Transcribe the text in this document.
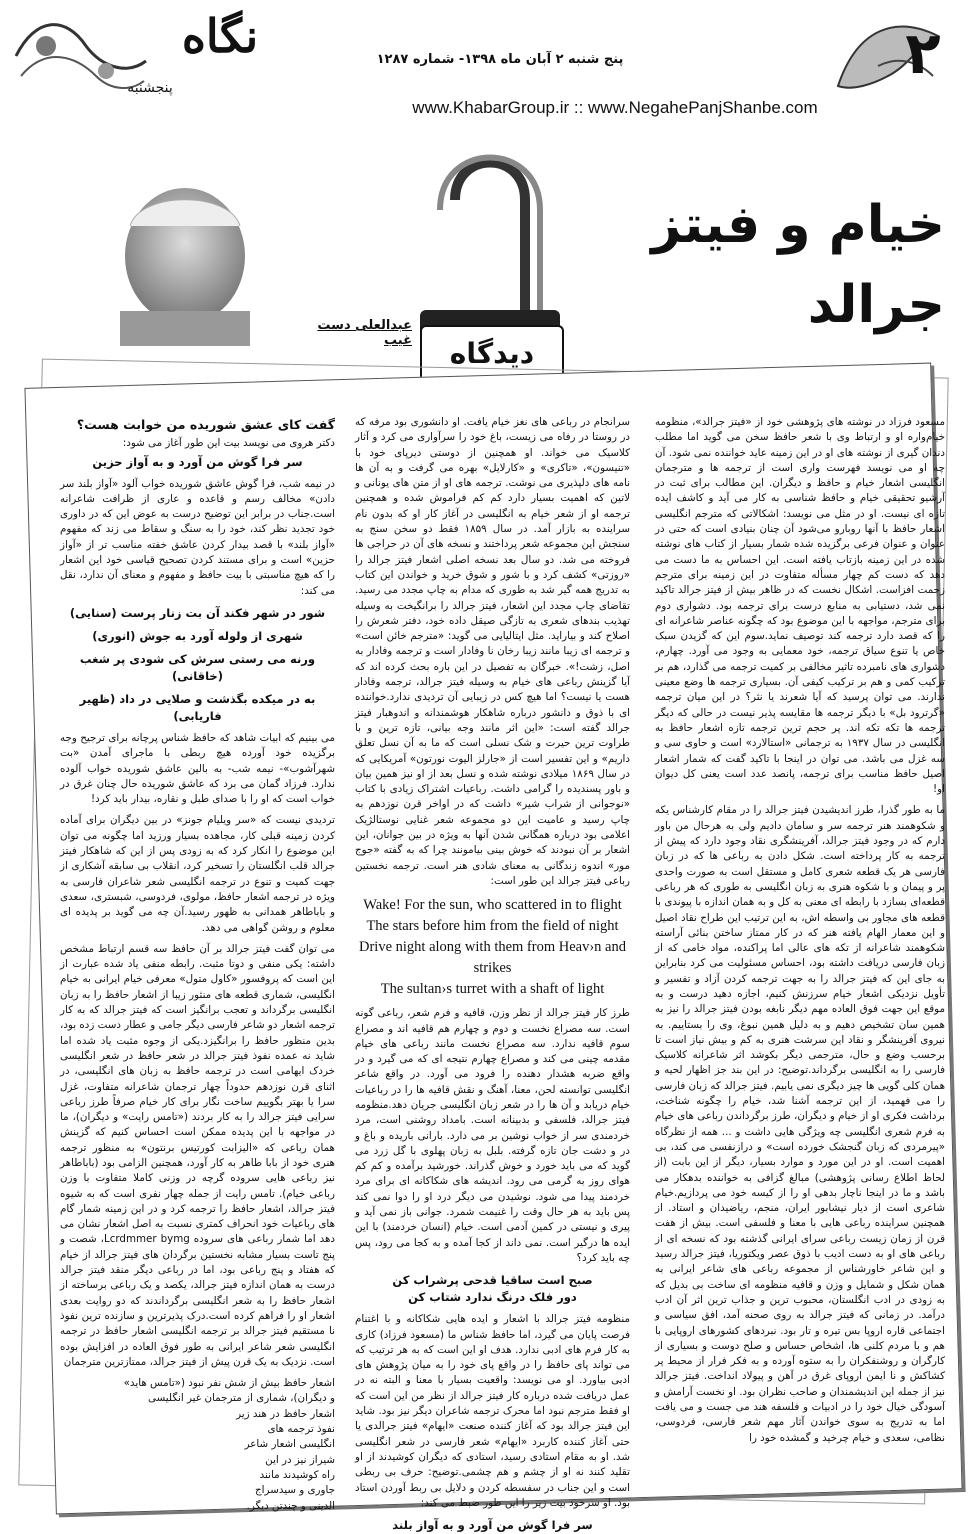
نگاه
پنجشنبه
پنج شنبه ۲ آبان ماه ۱۳۹۸- شماره ۱۲۸۷
www.KhabarGroup.ir :: www.NegahePanjShanbe.com
۲
خیام و فیتز جرالد
دیدگاه
عبدالعلی دست غیب

مسعود فرزاد در نوشته های پژوهشی خود از «فیتز جرالد»، منظومه خیام‌واره او و ارتباط وی با شعر حافظ سخن می گوید اما مطلب دندان گیری از نوشته های او در این زمینه عاید خواننده نمی شود. آن چه او می نویسد فهرست واری است از ترجمه ها و مترجمان انگلیسی اشعار خیام و حافظ و دیگران. این مطالب برای ثبت در آرشیو تحقیقی خیام و حافظ شناسی به کار می آید و کاشف ایده تازه ای نیست. او در مثل می نویسد: اشکالاتی که مترجم انگلیسی اشعار حافظ با آنها روبارو می‌شود آن چنان بنیادی است که حتی در عنوان و عنوان فرعی برگزیده شده شمار بسیار از کتاب های نوشته شده در این زمینه بازتاب یافته است. این احساس به ما دست می دهد که دست کم چهار مسأله متفاوت در این زمینه برای مترجم زحمت افزاست. اشکال نخست که در ظاهر بیش از فیتز جرالد تاکید نمی شد، دستیابی به منابع درست برای ترجمه بود. دشواری دوم برای مترجم، مواجهه با این موضوع بود که چگونه عناصر شاعرانه ای را که قصد دارد ترجمه کند توصیف نماید.سوم این که گزیدن سبک خاص یا تنوع سیاق ترجمه، خود معمایی به وجود می آورد. چهارم، دشواری های نامبرده تاثیر مخالفی بر کمیت ترجمه می گذارد، هم بر ترکیب کمی و هم بر ترکیب کیفی آن. بسیاری ترجمه ها وضع معینی ندارند. می توان پرسید که آیا شعرند یا نثر؟ در این میان ترجمه «گرترود بل» با دیگر ترجمه ها مقایسه پذیر نیست در حالی که دیگر ترجمه ها تکه تکه اند. پر حجم ترین ترجمه تازه اشعار حافظ به انگلیسی در سال ۱۹۳۷ به ترجمانی «استالارد» است و حاوی سی و سه غزل می باشد. می توان در اینجا با تاکید گفت که شمار اشعار اصیل حافظ مناسب برای ترجمه، پانصد عدد است یعنی کل دیوان او!

ما به طور گذرا، طرز اندیشیدن فیتز جرالد را در مقام کارشناس یکه و شکوهمند هنر ترجمه سر و سامان دادیم ولی به هرحال من باور دارم که در وجود فیتز جرالد، آفرینشگری نقاد وجود دارد که پیش از ترجمه به کار پرداخته است. شکل دادن به رباعی ها که در زبان فارسی هر یک قطعه شعری کامل و مستقل است به صورت واحدی پر و پیمان و با شکوه هنری به زبان انگلیسی به طوری که هر رباعی قطعه‌ای بسازد با رابطه ای معنی به کل و به همان اندازه با پیوندی با قطعه های مجاور بی واسطه اش، به این ترتیب این طراح نقاد اصیل و این معمار الهام یافته هنر که در کار ممتاز ساختن بنائی آراسته شکوهمند شاعرانه از تکه های عالی اما پراکنده، مواد خامی که از زبان فارسی دریافت داشته بود، احساس مسئولیت می کرد بنابراین به جای این که فیتز جرالد را به جهت ترجمه کردن آزاد و تفسیر و تأویل نزدیکی اشعار خیام سرزنش کنیم، اجازه دهید درست و به موقع این جهت فوق العاده مهم دیگر نابغه بودن فیتز جرالد را نیز به همین سان تشخیص دهیم و به دلیل همین نبوغ، وی را بستاییم. به نیروی آفرینشگر و نقاد این سرشت هنری به کم و بیش نیاز است تا برحسب وضع و حال، مترجمی دیگر بکوشد اثر شاعرانه کلاسیک فارسی را به انگلیسی برگرداند.توضیح: در این بند جز اظهار لحیه و همان کلی گویی ها چیز دیگری نمی یابیم. فیتز جرالد که زبان فارسی را می فهمید، از این ترجمه آشنا شد، خیام را چگونه شناخت، برداشت فکری او از خیام و دیگران، طرز برگرداندن رباعی های خیام به فرم شعری انگلیسی چه ویژگی هایی داشت و ... همه از نظرگاه «پیرمردی که زبان گنجشک خورده است» و درازنفسی می کند، بی اهمیت است. او در این مورد و موارد بسیار، دیگر از این بابت (از لحاظ اطلاع رسانی پژوهشی) مبالغ گزافی به خواننده بدهکار می باشد و ما در اینجا ناچار بدهی او را از کیسه خود می پردازیم.خیام شاعری است از دیار نیشابور ایران، منجم، ریاضیدان و استاد. از همچنین سراینده رباعی هایی با معنا و فلسفی است. بیش از هفت قرن از زمان زیست رباعی سرای ایرانی گذشته بود که نسخه ای از رباعی های او به دست ادیب با ذوق عصر ویکتوریا، فیتز جرالد رسید و این شاعر خاورشناس از مجموعه رباعی های شاعر ایرانی به همان شکل و شمایل و وزن و قافیه منظومه ای ساخت بی بدیل که به زودی در ادب انگلستان، محبوب ترین و جذاب ترین اثر آن ادب درآمد. در زمانی که فیتز جرالد به روی صحنه آمد، افق سیاسی و اجتماعی قاره اروپا بس تیره و تار بود. نبردهای کشورهای اروپایی با هم و با مردم کلنی ها، اشخاص حساس و صلح دوست و بسیاری از کارگران و روشنفکران را به ستوه آورده و به فکر فرار از محیط پر کشاکش و نا ایمن اروپای غرق در آهن و پیولاد انداخت. فیتز جرالد نیز از جمله این اندیشمندان و صاحب نظران بود. او نخست آرامش و آسودگی خیال خود را در ادبیات و فلسفه هند می جست و می یافت اما به تدریج به سوی خواندن آثار مهم شعر فارسی، فردوسی، نظامی، سعدی و خیام چرخید و گمشده خود را

سرانجام در رباعی های نغز خیام یافت. او دانشوری بود مرفه که در روستا در رفاه می زیست، باغ خود را سرآواری می کرد و آثار کلاسیک می خواند. او همچنین از دوستی دیرپای خود با «تنیسون»، «تاکری» و «کارلایل» بهره می گرفت و به آن ها نامه های دلپذیری می نوشت. ترجمه های او از متن های یونانی و لاتین که اهمیت بسیار دارد کم کم فراموش شده و همچنین ترجمه او از شعر خیام به انگلیسی در آغاز کار او که بدون نام سراینده به بازار آمد. در سال ۱۸۵۹ فقط دو سخن سنج به سنجش این مجموعه شعر پرداختند و نسخه های آن در حراجی ها فروخته می شد. دو سال بعد نسخه اصلی اشعار فیتز جرالد را «روزتی» کشف کرد و با شور و شوق خرید و خواندن این کتاب به تدریج همه گیر شد به طوری که مدام به چاپ مجدد می رسید. تقاضای چاپ مجدد این اشعار، فیتز جرالد را برانگیخت به وسیله تهذیب بندهای شعری به تازگی صیقل داده خود، دفتر شعرش را اصلاح کند و بیاراید. مثل ایتالیایی می گوید: «مترجم خائن است» و ترجمه ای زیبا مانند زیبا رخان نا وفادار است و ترجمه وفادار به اصل، زشت!». خبرگان به تفصیل در این باره بحث کرده اند که آیا گزینش رباعی های خیام به وسیله فیتز جرالد، ترجمه وفادار هست یا نیست؟ اما هیچ کس در زیبایی آن تردیدی ندارد.خواننده ای با ذوق و دانشور درباره شاهکار هوشمندانه و اندوهبار فیتز جرالد گفته است: «این اثر مانند وجه بیانی، تازه ترین و با طراوت ترین حیرت و شک نسلی است که ما به آن نسل تعلق داریم» و این تفسیر است از «جارلز الیوت نورتون» آمریکایی که در سال ۱۸۶۹ میلادی نوشته شده و نسل بعد از او نیز همین بیان و باور پسندیده را گرامی داشت. رباعیات اشتراک زیادی با کتاب «نوجوانی از شراب شیر» داشت که در اواخر قرن نوزدهم به چاپ رسید و عامیت این دو مجموعه شعر غنایی نوستالژیک اعلامی بود درباره همگانی شدن آنها به ویژه در بین جوانان، این اشعار بر آن نبودند که خوش بینی بیامونند چرا که به گفته «جوج مور» اندوه زندگانی به معنای شادی هنر است. ترجمه نخستین رباعی فیتز جرالد این طور است:

Wake! For the sun, who scattered in to flight
The stars before him from the field of night
Drive night along with them from Heav›n and strikes
The sultan›s turret with a shaft of light

طرز کار فیتز جرالد از نظر وزن، قافیه و فرم شعر، رباعی گونه است. سه مصراع نخست و دوم و چهارم هم قافیه اند و مصراع سوم قافیه ندارد. سه مصراع نخست مانند رباعی های خیام مقدمه چینی می کند و مصراع چهارم نتیجه ای که می گیرد و در واقع ضربه هشدار دهنده را فرود می آورد. در واقع شاعر انگلیسی توانسته لحن، معنا، آهنگ و نقش قافیه ها را در رباعیات خیام دریابد و آن ها را در شعر زبان انگلیسی جریان دهد.منظومه فیتز جرالد، فلسفی و بدبینانه است. بامداد روشنی است، مرد خردمندی سر از خواب نوشین بر می دارد. بارانی باریده و باغ و در و دشت جان تازه گرفته. بلبل به زبان پهلوی با گل زرد می گوید که می باید خورد و خوش گذراند. خورشید برآمده و کم کم هوای روز به گرمی می رود. اندیشه های شکاکانه ای برای مرد خردمند پیدا می شود. نوشیدن می دیگر درد او را دوا نمی کند پس باید به هر حال وقت را غنیمت شمرد. جوانی باز نمی آید و پیری و نیستی در کمین آدمی است. خیام (انسان خردمند) با این ایده ها درگیر است. نمی داند از کجا آمده و به کجا می رود، پس چه باید کرد؟

صبح است ساقیا قدحی پرشراب کن
دور فلک درنگ ندارد شتاب کن

منظومه فیتز جرالد با اشعار و ایده هایی شکاکانه و با اغتنام فرصت پایان می گیرد، اما حافظ شناس ما (مسعود فرزاد) کاری به کار فرم های ادبی ندارد. هدف او این است که به هر ترتیب که می تواند پای حافظ را در واقع پای خود را به میان پژوهش های ادبی بیاورد. او می نویسد: واقعیت بسیار با معنا و البته نه در عمل دریافت شده درباره کار فیتز جرالد از نظر من این است که او فقط مترجم نبود اما محرک ترجمه شاعران دیگر نیز بود. شاید این فیتز جرالد بود که آغاز کننده صنعت «ایهام» فیتز جرالدی یا حتی آغاز کننده کاربرد «ایهام» شعر فارسی در شعر انگلیسی شد. او به مقام استادی رسید، استادی که دیگران کوشیدند از او تقلید کنند نه او از چشم و هم چشمی.توضیح: حرف بی ربطی است و این جناب در سفسطه کردن و دلایل بی ربط آوردن استاد بود. او سرخود بیت زیر را این طور ضبط می کند:

سر فرا گوش من آورد و به آواز بلند

گفت کای عشق شوریده من خوابت هست؟

دکتر هروی می نویسد بیت این طور آغاز می شود:

سر فرا گوش من آورد و به آواز حزین

در نیمه شب، فرا گوش عاشق شوریده خواب آلود «آواز بلند سر دادن» مخالف رسم و قاعده و عاری از ظرافت شاعرانه است.جناب در برابر این توضیح درست به عوض این که در داوری خود تجدید نظر کند، خود را به سنگ و سقاط می زند که مفهوم «آواز بلند» با قصد بیدار کردن عاشق خفته مناسب تر از «آواز حزین» است و برای مستند کردن تصحیح قیاسی خود این اشعار را که هیچ مناسبتی با بیت حافظ و مفهوم و معنای آن ندارد، نقل می کند:

شور در شهر فکند آن بت زنار پرست (سنایی)

شهری از ولوله آورد به جوش (انوری)

ورنه می رستی سرش کی شودی پر شغب (خاقانی)

به در میکده بگذشت و صلایی در داد (ظهیر فاریابی)

می بینیم که ابیات شاهد که حافظ شناس پرچانه برای ترجیح وجه برگزیده خود آورده هیچ ربطی با ماجرای آمدن «بت شهرآشوب»- نیمه شب- به بالین عاشق شوریده خواب آلوده ندارد. فرزاد گمان می برد که عاشق شوریده حال چنان غرق در خواب است که او را با صدای طبل و نقاره، بیدار باید کرد!

تردیدی نیست که «سر ویلیام جونز» در بین دیگران برای آماده کردن زمینه قبلی کار، مجاهده بسیار ورزید اما چگونه می توان این موضوع را انکار کرد که به زودی پس از این که شاهکار فیتز جرالد قلب انگلستان را تسخیر کرد، انقلاب بی سابقه آشکاری از جهت کمیت و تنوع در ترجمه انگلیسی شعر شاعران فارسی به ویژه در ترجمه اشعار حافظ، مولوی، فردوسی، شبستری، سعدی و باباطاهر همدانی به ظهور رسید.آن چه می گوید بر پدیده ای معلوم و روشن گواهی می دهد.

می توان گفت فیتز جرالد بر آن حافظ سه قسم ارتباط مشخص داشته: یکی منفی و دوتا مثبت. رابطه منفی یاد شده عبارت از این است که پروفسور «کاول متول» معرفی خیام ایرانی به خیام انگلیسی، شماری قطعه های منثور زیبا از اشعار حافظ را به زبان انگلیسی برگرداند و تعجب برانگیز است که فیتز جرالد که به کار ترجمه اشعار دو شاعر فارسی دیگر جامی و عطار دست زده بود، بدین منظور حافظ را برانگیزد.یکی از وجوه مثبت یاد شده اما شاید نه عمده نفوذ فیتز جرالد در شعر حافظ در شعر انگلیسی خردک ایهامی است در ترجمه حافظ به زبان های انگلیسی، در اثنای قرن نوزدهم حدوداً چهار ترجمان شاعرانه متفاوت، غزل سرا یا بهتر بگوییم ساخت نگار برای کار خیام صرفاً طرز رباعی سرایی فیتز جرالد را به کار بردند («تامس رایت» و دیگران)، ما در مواجهه با این پدیده ممکن است احساس کنیم که گزینش همان رباعی که «الیزابت کورتیس برنتون» به منظور ترجمه هنری خود از بابا طاهر به کار آورد، همچنین الزامی بود (باباطاهر نیز رباعی هایی سروده گرچه در وزنی کاملا متفاوت با وزن رباعی خیام). تامس رایت از جمله چهار نفری است که به شیوه فیتز جرالد، اشعار حافظ را ترجمه کرد و در این زمینه شمار گام های رباعیات خود انحراف کمتری نسبت به اصل اشعار نشان می دهد اما شمار رباعی های سروده Lcrdmmer bymg، شصت و پنج تاست بسیار مشابه نخستین برگردان های فیتز جرالد از خیام که هفتاد و پنج رباعی بود، اما در رباعی دیگر منقد فیتز جرالد درست به همان اندازه فیتز جرالد، یکصد و یک رباعی برساخته از اشعار حافظ را به شعر انگلیسی برگرداندند که دو روایت بعدی اشعار او را فراهم کرده است.درک پذیرترین و سازنده ترین نفوذ نا مستقیم فیتز جرالد بر ترجمه انگلیسی اشعار حافظ در ترجمه انگلیسی شعر شاعر ایرانی به طور فوق العاده در افزایش بوده است. نزدیک به یک قرن پیش از فیتز جرالد، ممتازترین مترجمان

اشعار حافظ بیش از شش نفر نبود («تامس هاید»
و دیگران)، شماری از مترجمان غیر انگلیسی
اشعار حافظ در هند زیر
نفوذ ترجمه های
انگلیسی اشعار شاعر
شیراز نیز در این
راه کوشیدند مانند
جاوری و سیدسراج
الدینی و چندتن دیگر.
